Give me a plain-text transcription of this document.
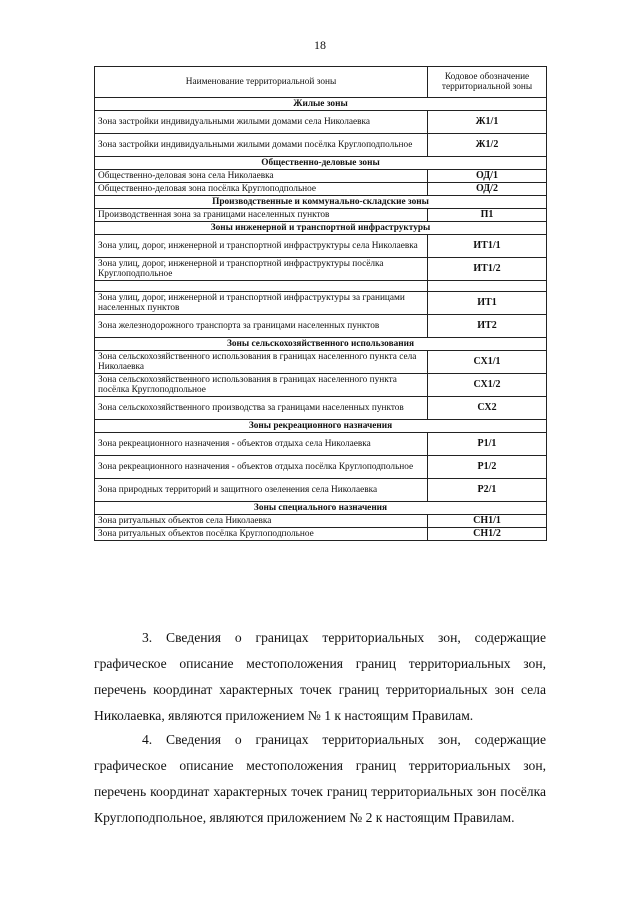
18
Наименование территориальной зоны	Кодовое обозначение территориальной зоны
Жилые зоны	
Зона застройки индивидуальными жилыми домами села Николаевка	Ж1/1
Зона застройки индивидуальными жилыми домами посёлка Круглоподпольное	Ж1/2
Общественно-деловые зоны	
Общественно-деловая зона села Николаевка	ОД/1
Общественно-деловая зона посёлка Круглоподпольное	ОД/2
Производственные и коммунально-складские зоны	
Производственная зона за границами населенных пунктов	П1
Зоны инженерной и транспортной инфраструктуры	
Зона улиц, дорог, инженерной и транспортной инфраструктуры села Николаевка	ИТ1/1
Зона улиц, дорог, инженерной и транспортной инфраструктуры посёлка Круглоподпольное	ИТ1/2

Зона улиц, дорог, инженерной и транспортной инфраструктуры за границами населенных пунктов	ИТ1
Зона железнодорожного транспорта за границами населенных пунктов	ИТ2
Зоны сельскохозяйственного использования	
Зона сельскохозяйственного использования в границах населенного пункта села Николаевка	СХ1/1
Зона сельскохозяйственного использования в границах населенного пункта посёлка Круглоподпольное	СХ1/2
Зона сельскохозяйственного производства за границами населенных пунктов	СХ2
Зоны рекреационного назначения	
Зона рекреационного назначения - объектов отдыха села Николаевка	Р1/1
Зона рекреационного назначения - объектов отдыха посёлка Круглоподпольное	Р1/2
Зона природных территорий и защитного озеленения села Николаевка	Р2/1
Зоны специального назначения	
Зона ритуальных объектов села Николаевка	СН1/1
Зона ритуальных объектов посёлка Круглоподпольное	СН1/2

3. Сведения о границах территориальных зон, содержащие графическое описание местоположения границ территориальных зон, перечень координат характерных точек границ территориальных зон села Николаевка, являются приложением № 1 к настоящим Правилам.

4. Сведения о границах территориальных зон, содержащие графическое описание местоположения границ территориальных зон, перечень координат характерных точек границ территориальных зон посёлка Круглоподпольное, являются приложением № 2 к настоящим Правилам.
